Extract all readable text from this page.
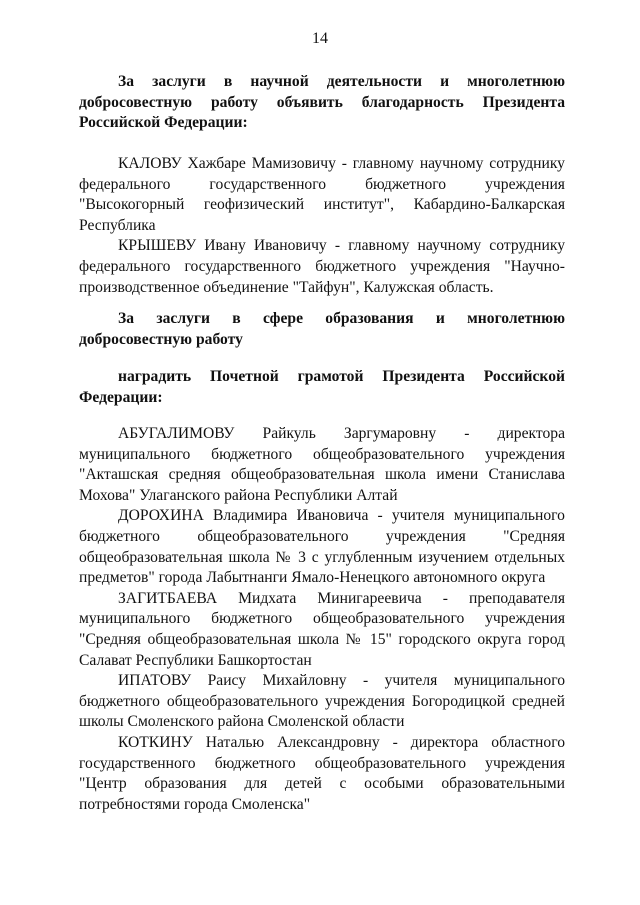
14

За заслуги в научной деятельности и многолетнюю добросовестную работу объявить благодарность Президента Российской Федерации:

КАЛОВУ Хажбаре Мамизовичу - главному научному сотруднику федерального государственного бюджетного учреждения "Высокогорный геофизический институт", Кабардино-Балкарская Республика

КРЫШЕВУ Ивану Ивановичу - главному научному сотруднику федерального государственного бюджетного учреждения "Научно-производственное объединение "Тайфун", Калужская область.

За заслуги в сфере образования и многолетнюю добросовестную работу

наградить Почетной грамотой Президента Российской Федерации:

АБУГАЛИМОВУ Райкуль Заргумаровну - директора муниципального бюджетного общеобразовательного учреждения "Акташская средняя общеобразовательная школа имени Станислава Мохова" Улаганского района Республики Алтай

ДОРОХИНА Владимира Ивановича - учителя муниципального бюджетного общеобразовательного учреждения "Средняя общеобразовательная школа № 3 с углубленным изучением отдельных предметов" города Лабытнанги Ямало-Ненецкого автономного округа

ЗАГИТБАЕВА Мидхата Минигареевича - преподавателя муниципального бюджетного общеобразовательного учреждения "Средняя общеобразовательная школа № 15" городского округа город Салават Республики Башкортостан

ИПАТОВУ Раису Михайловну - учителя муниципального бюджетного общеобразовательного учреждения Богородицкой средней школы Смоленского района Смоленской области

КОТКИНУ Наталью Александровну - директора областного государственного бюджетного общеобразовательного учреждения "Центр образования для детей с особыми образовательными потребностями города Смоленска"
